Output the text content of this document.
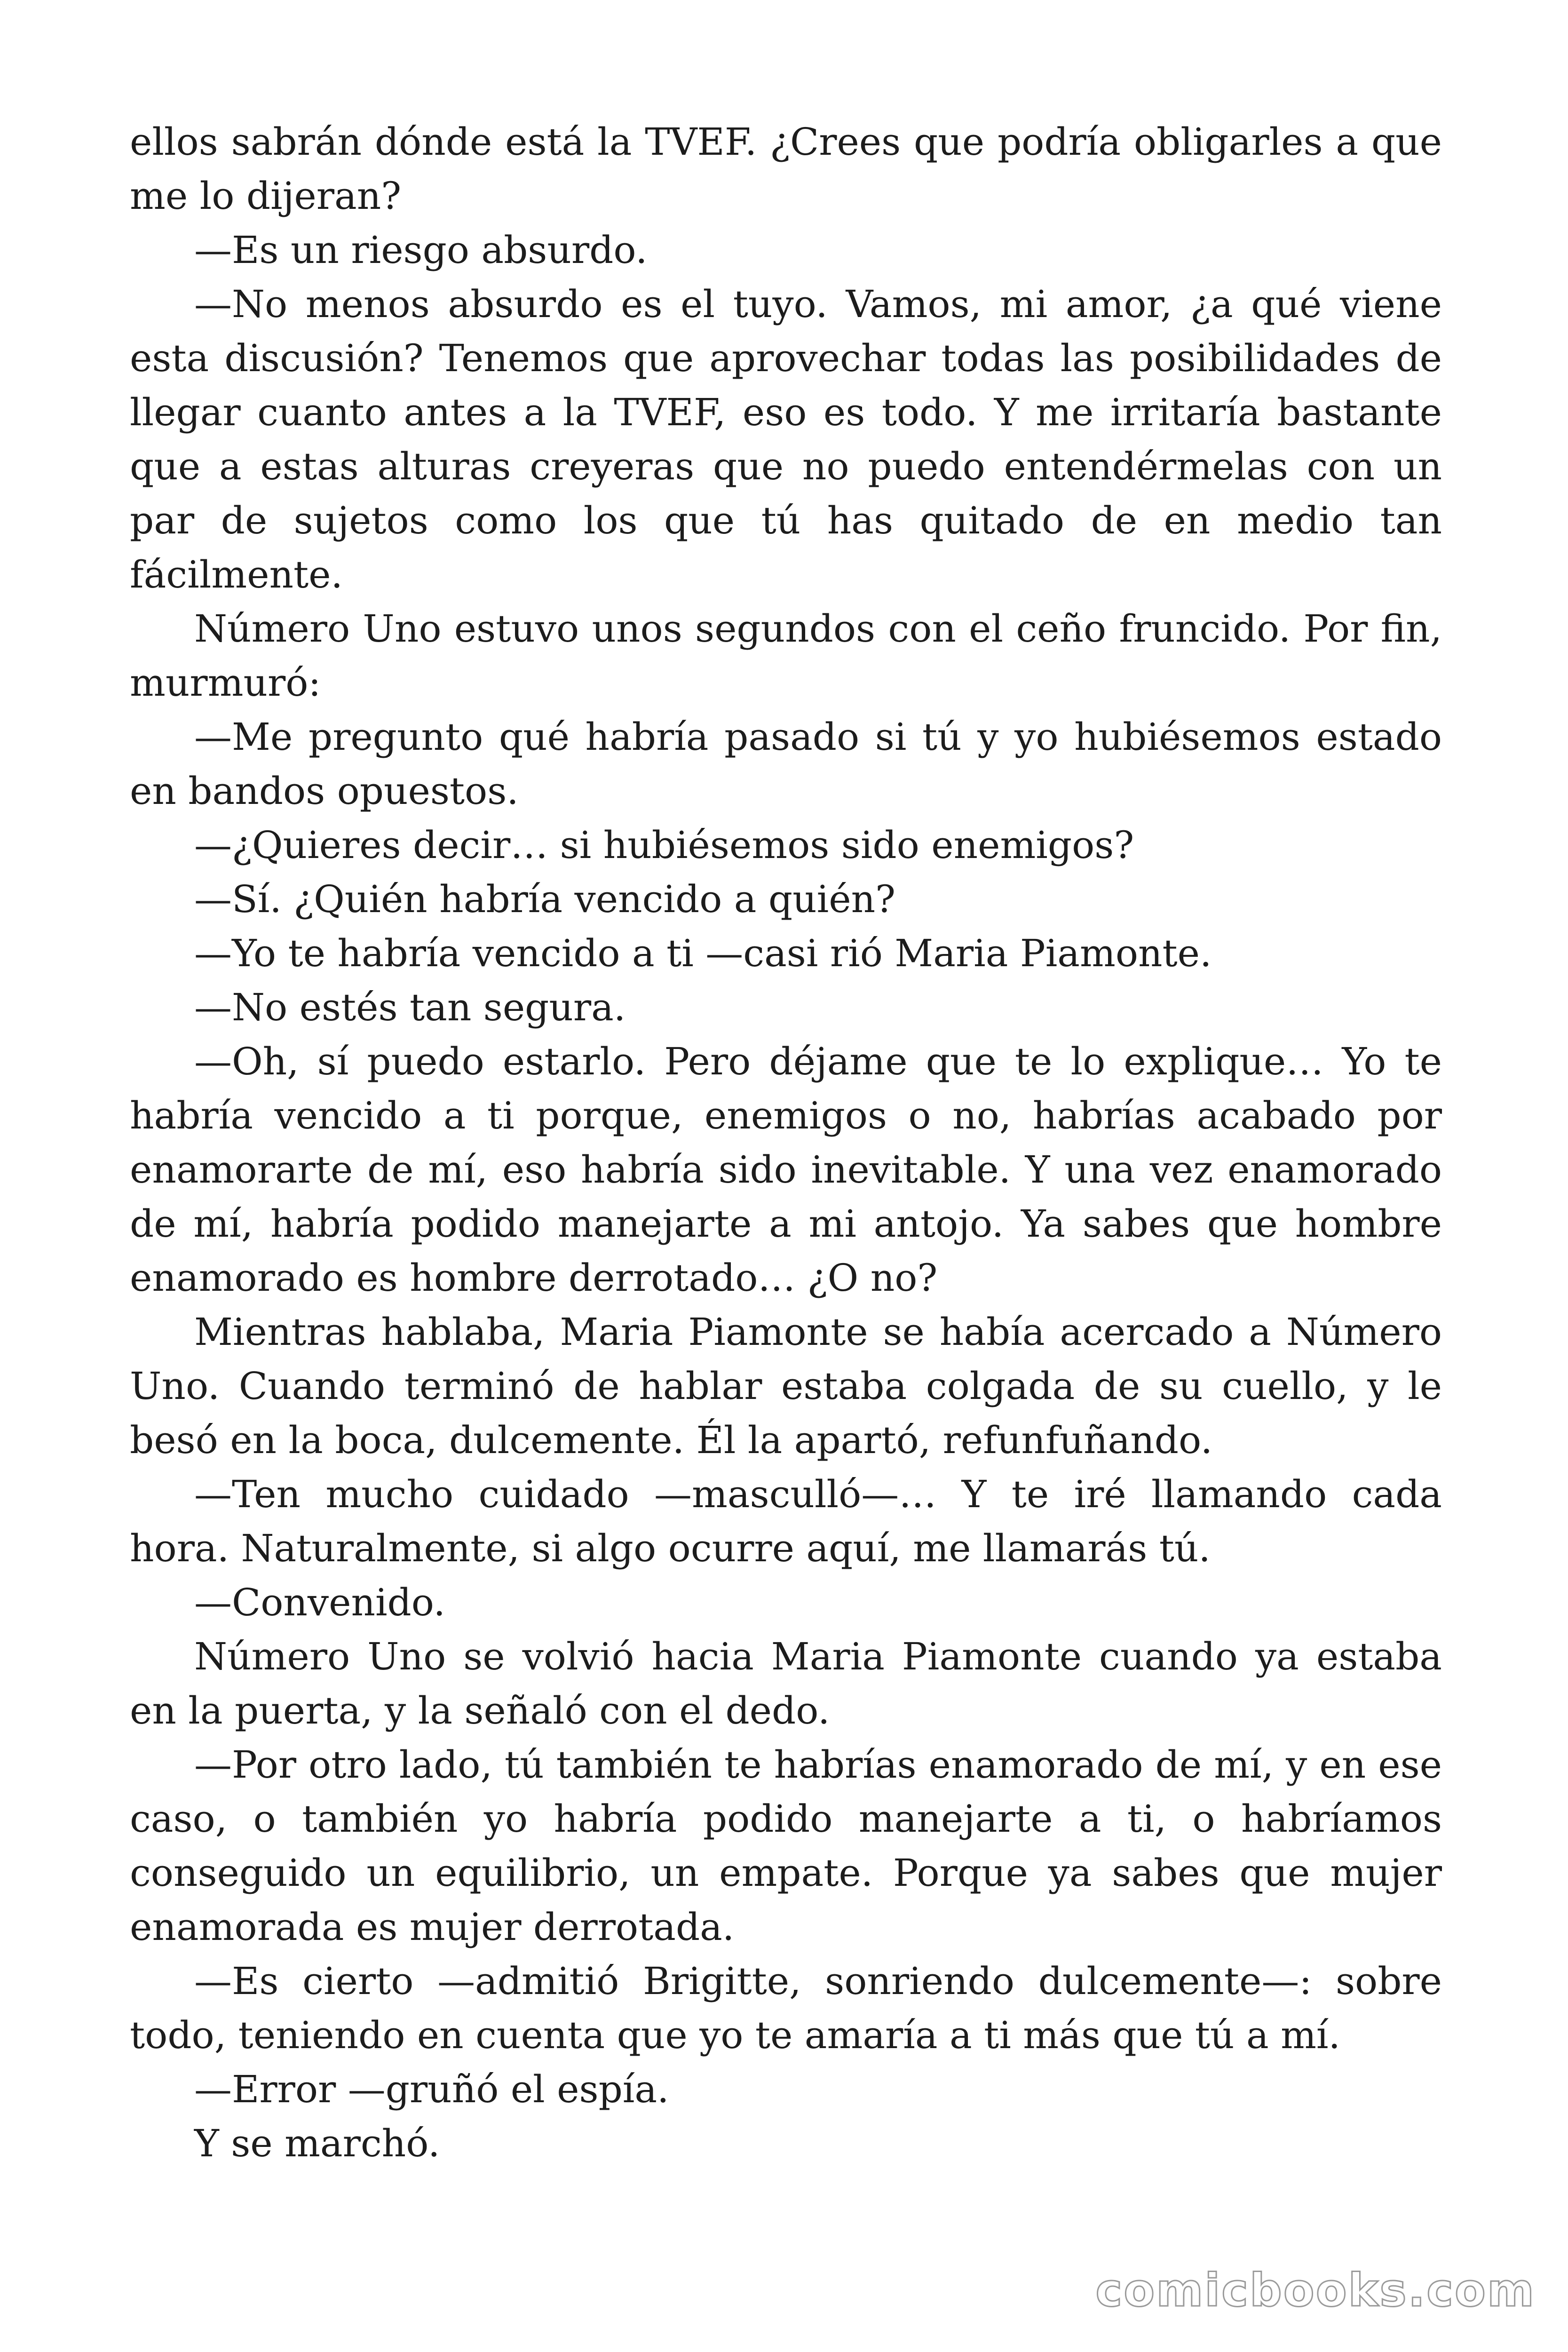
ellos sabrán dónde está la TVEF. ¿Crees que podría obligarles a que me lo dijeran?

—Es un riesgo absurdo.

—No menos absurdo es el tuyo. Vamos, mi amor, ¿a qué viene esta discusión? Tenemos que aprovechar todas las posibilidades de llegar cuanto antes a la TVEF, eso es todo. Y me irritaría bastante que a estas alturas creyeras que no puedo entendérmelas con un par de sujetos como los que tú has quitado de en medio tan fácilmente.

Número Uno estuvo unos segundos con el ceño fruncido. Por fin, murmuró:

—Me pregunto qué habría pasado si tú y yo hubiésemos estado en bandos opuestos.

—¿Quieres decir… si hubiésemos sido enemigos?

—Sí. ¿Quién habría vencido a quién?

—Yo te habría vencido a ti —casi rió Maria Piamonte.

—No estés tan segura.

—Oh, sí puedo estarlo. Pero déjame que te lo explique… Yo te habría vencido a ti porque, enemigos o no, habrías acabado por enamorarte de mí, eso habría sido inevitable. Y una vez enamorado de mí, habría podido manejarte a mi antojo. Ya sabes que hombre enamorado es hombre derrotado… ¿O no?

Mientras hablaba, Maria Piamonte se había acercado a Número Uno. Cuando terminó de hablar estaba colgada de su cuello, y le besó en la boca, dulcemente. Él la apartó, refunfuñando.

—Ten mucho cuidado —masculló—… Y te iré llamando cada hora. Naturalmente, si algo ocurre aquí, me llamarás tú.

—Convenido.

Número Uno se volvió hacia Maria Piamonte cuando ya estaba en la puerta, y la señaló con el dedo.

—Por otro lado, tú también te habrías enamorado de mí, y en ese caso, o también yo habría podido manejarte a ti, o habríamos conseguido un equilibrio, un empate. Porque ya sabes que mujer enamorada es mujer derrotada.

—Es cierto —admitió Brigitte, sonriendo dulcemente—: sobre todo, teniendo en cuenta que yo te amaría a ti más que tú a mí.

—Error —gruñó el espía.

Y se marchó.

comicbooks.com
